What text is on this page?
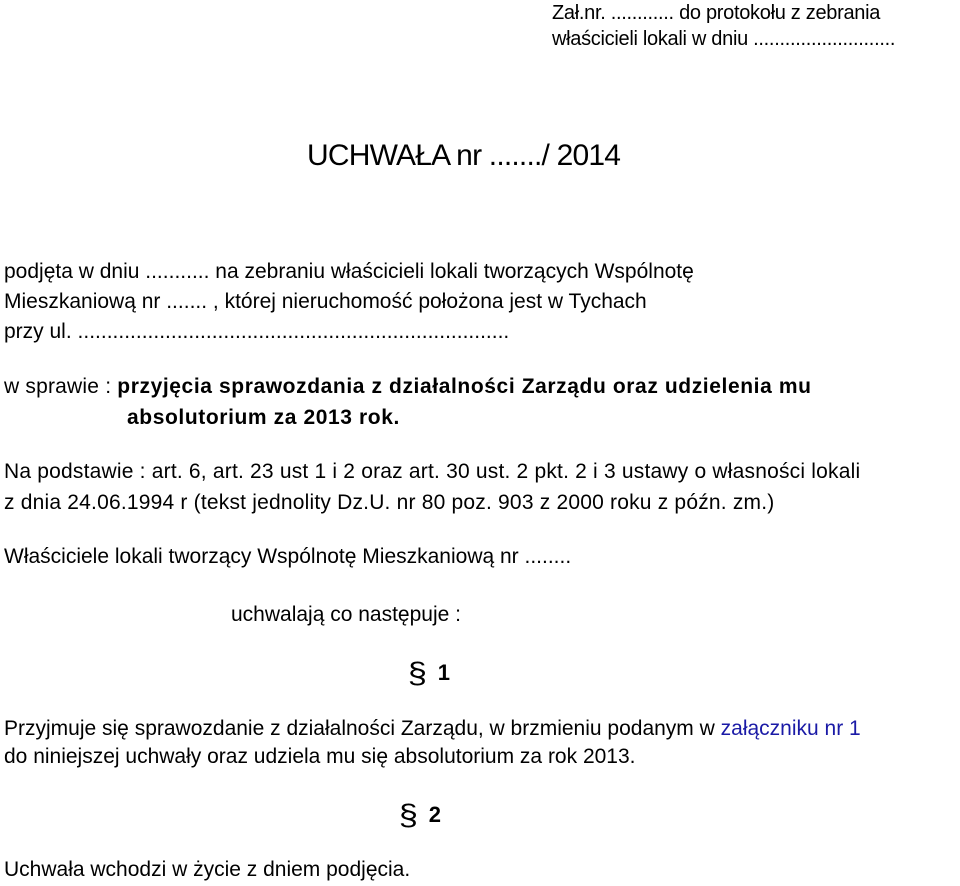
Zał.nr. ............ do protokołu z zebrania
właścicieli lokali w dniu ...........................
UCHWAŁA nr ......./ 2014
podjęta w dniu ........... na zebraniu właścicieli lokali tworzących Wspólnotę
Mieszkaniową nr ....... , której nieruchomość położona jest w Tychach
przy ul. ..........................................................................
w sprawie : przyjęcia sprawozdania z działalności Zarządu oraz udzielenia mu
absolutorium za 2013 rok.
Na podstawie : art. 6, art. 23 ust 1 i 2 oraz art. 30 ust. 2 pkt. 2 i 3 ustawy o własności lokali
z dnia 24.06.1994 r (tekst jednolity Dz.U. nr 80 poz. 903 z 2000 roku z późn. zm.)
Właściciele lokali tworzący Wspólnotę Mieszkaniową nr ........
uchwalają co następuje :
§ 1
Przyjmuje się sprawozdanie z działalności Zarządu, w brzmieniu podanym w załączniku nr 1
do niniejszej uchwały oraz udziela mu się absolutorium za rok 2013.
§ 2
Uchwała wchodzi w życie z dniem podjęcia.
